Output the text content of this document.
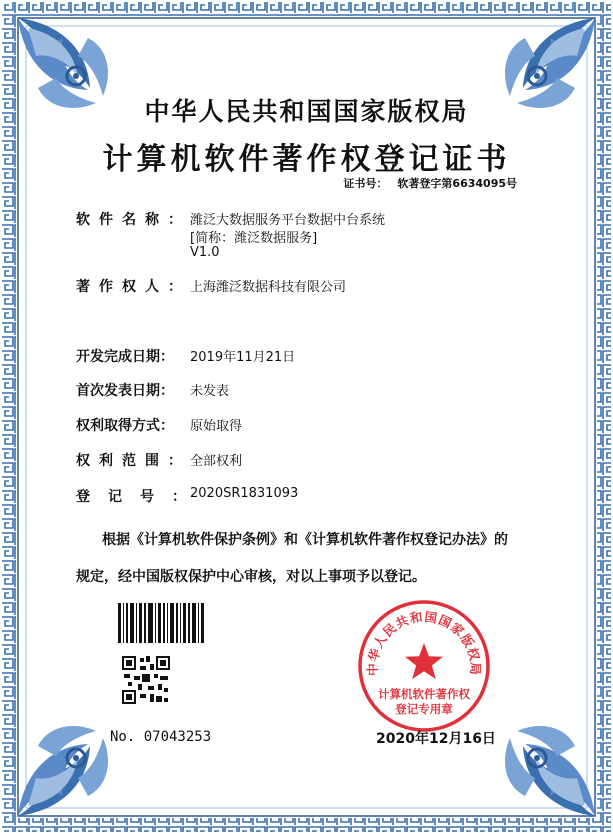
中华人民共和国国家版权局
计算机软件著作权登记证书
证书号： 软著登字第6634095号
软件名称： 潍泛大数据服务平台数据中台系统
[简称：潍泛数据服务]
V1.0
著作权人： 上海潍泛数据科技有限公司
开发完成日期： 2019年11月21日
首次发表日期： 未发表
权利取得方式： 原始取得
权利范围： 全部权利
登记号：
2020SR1831093
根据《计算机软件保护条例》和《计算机软件著作权登记办法》的
规定，经中国版权保护中心审核，对以上事项予以登记。
中华人民共和国国家版权局
计算机软件著作权
登记专用章
No. 07043253	2020年12月16日
